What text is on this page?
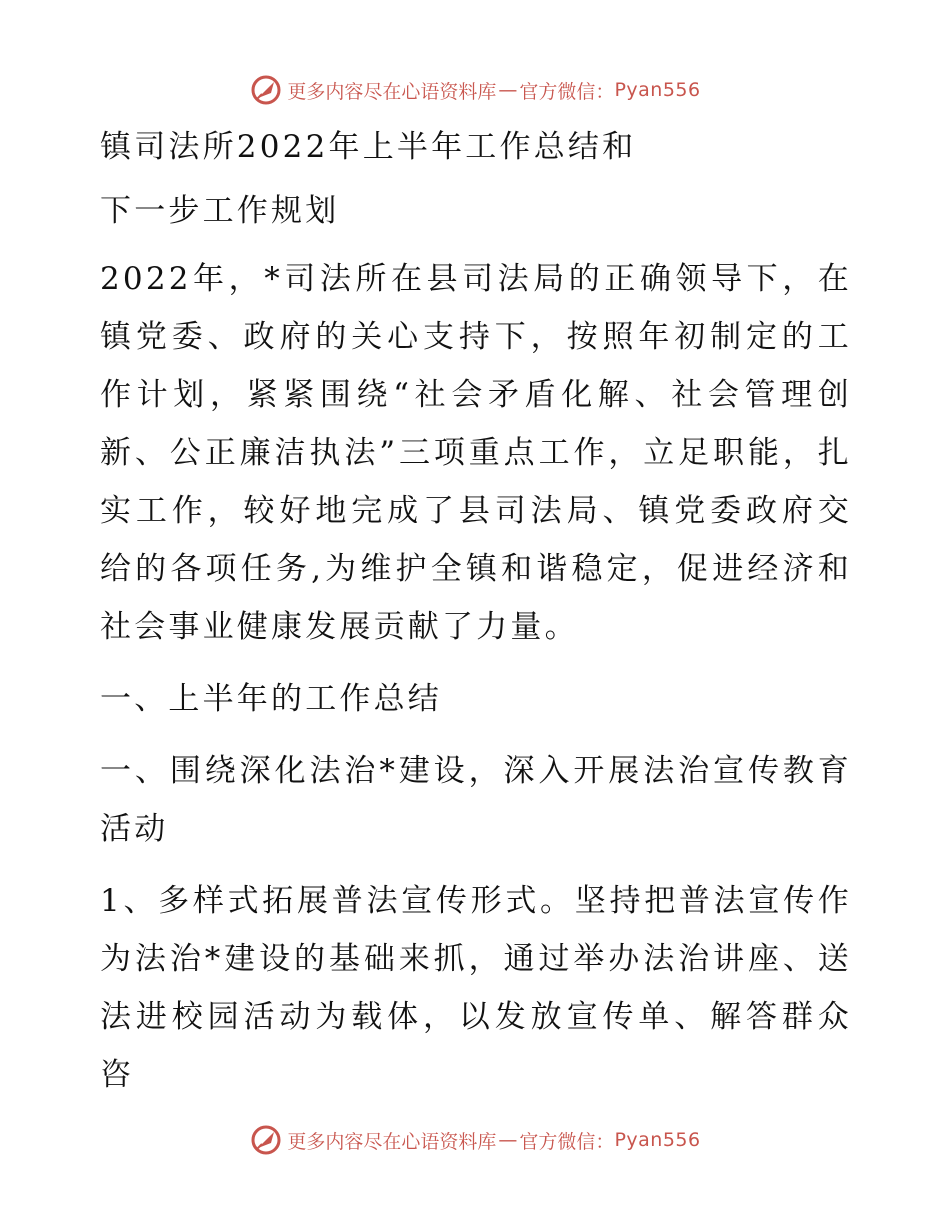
更多内容尽在心语资料库 — 官方微信： Pyan556

镇司法所2022年上半年工作总结和

下一步工作规划

2022年，*司法所在县司法局的正确领导下，在镇党委、政府的关心支持下，按照年初制定的工作计划，紧紧围绕“社会矛盾化解、社会管理创新、公正廉洁执法”三项重点工作，立足职能，扎实工作，较好地完成了县司法局、镇党委政府交给的各项任务,为维护全镇和谐稳定，促进经济和社会事业健康发展贡献了力量。

一、上半年的工作总结

一、围绕深化法治*建设，深入开展法治宣传教育活动

1、多样式拓展普法宣传形式。坚持把普法宣传作为法治*建设的基础来抓，通过举办法治讲座、送法进校园活动为载体，以发放宣传单、解答群众咨

更多内容尽在心语资料库 — 官方微信： Pyan556
